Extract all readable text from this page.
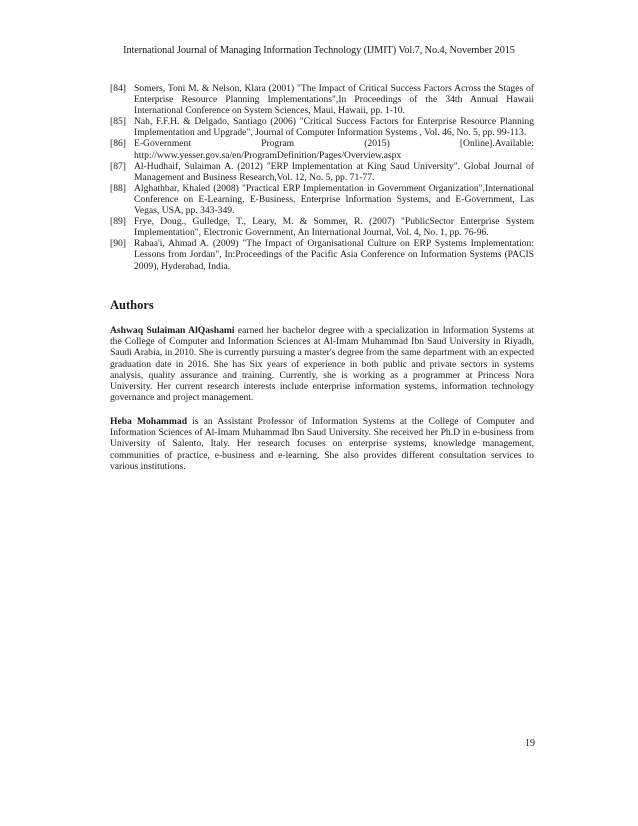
International Journal of Managing Information Technology (IJMIT) Vol.7, No.4, November 2015
[84] Somers, Toni M. & Nelson, Klara (2001) "The Impact of Critical Success Factors Across the Stages of Enterprise Resource Planning Implementations",In Proceedings of the 34th Annual Hawaii International Conference on System Sciences, Maui, Hawaii, pp. 1-10.
[85] Nah, F.F.H. & Delgado, Santiago (2006) "Critical Success Factors for Enterprise Resource Planning Implementation and Upgrade", Journal of Computer Information Systems , Vol. 46, No. 5, pp. 99-113.
[86] E-Government Program (2015) [Online].Available: http://www.yesser.gov.sa/en/ProgramDefinition/Pages/Overview.aspx
[87] Al-Hudhaif, Sulaiman A. (2012) "ERP Implementation at King Saud University". Global Journal of Management and Business Research,Vol. 12, No. 5, pp. 71-77.
[88] Alghathbar, Khaled (2008) "Practical ERP Implementation in Government Organization",International Conference on E-Learning, E-Business, Enterprise Information Systems, and E-Government, Las Vegas, USA, pp. 343-349.
[89] Frye, Doug., Gulledge, T., Leary, M. & Sommer, R. (2007) "PublicSector Enterprise System Implementation", Electronic Government, An International Journal, Vol. 4, No. 1, pp. 76-96.
[90] Rabaa'i, Ahmad A. (2009) "The Impact of Organisational Culture on ERP Systems Implementation: Lessons from Jordan", In:Proceedings of the Pacific Asia Conference on Information Systems (PACIS 2009), Hyderabad, India.
Authors

Ashwaq Sulaiman AlQashami earned her bachelor degree with a specialization in Information Systems at the College of Computer and Information Sciences at Al-Imam Muhammad Ibn Saud University in Riyadh, Saudi Arabia, in 2010. She is currently pursuing a master's degree from the same department with an expected graduation date in 2016. She has Six years of experience in both public and private sectors in systems analysis, quality assurance and training. Currently, she is working as a programmer at Princess Nora University. Her current research interests include enterprise information systems, information technology governance and project management.

Heba Mohammad is an Assistant Professor of Information Systems at the College of Computer and Information Sciences of Al-Imam Muhammad Ibn Saud University. She received her Ph.D in e-business from University of Salento, Italy. Her research focuses on enterprise systems, knowledge management, communities of practice, e-business and e-learning. She also provides different consultation services to various institutions.

19
